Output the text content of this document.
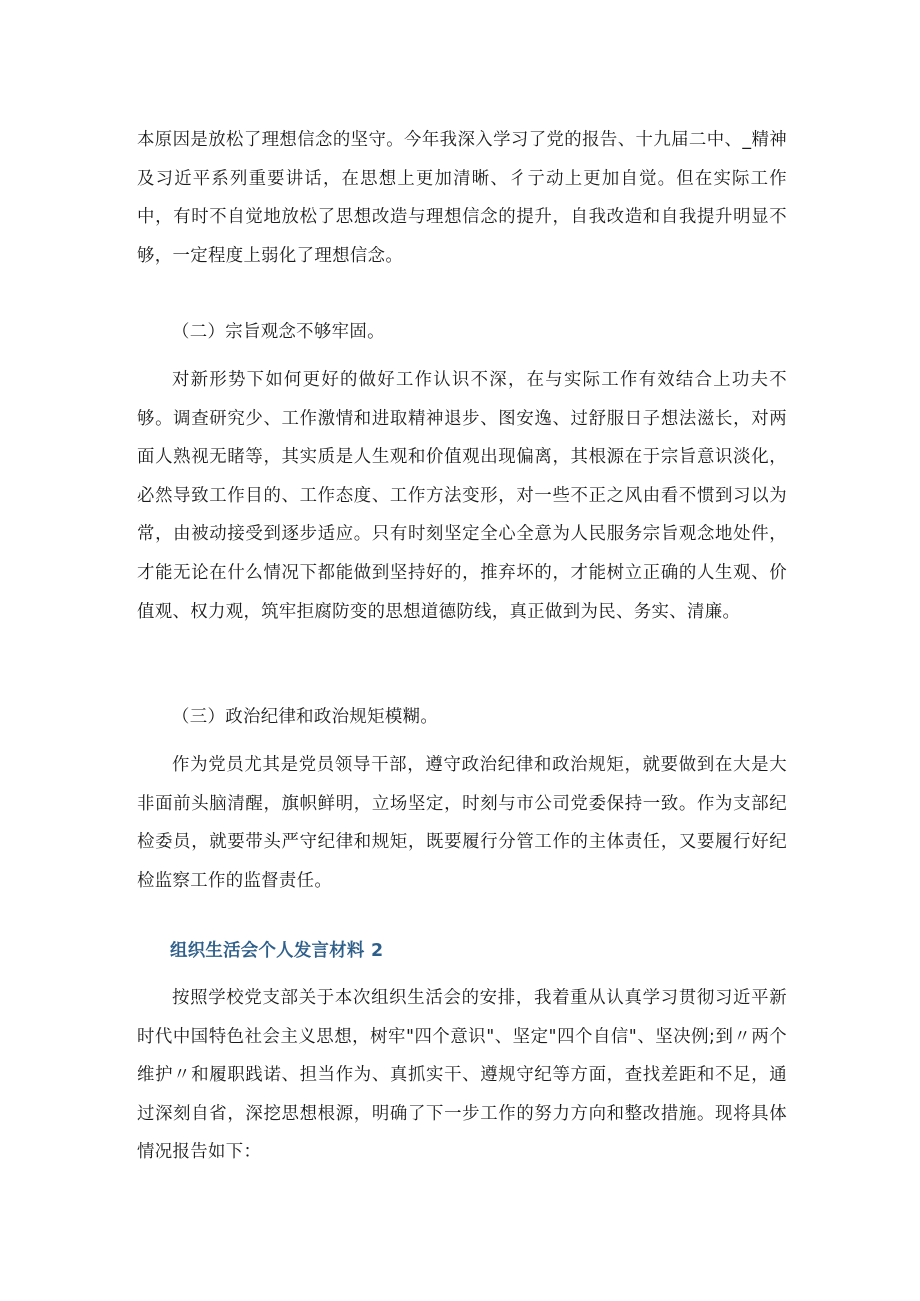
本原因是放松了理想信念的坚守。今年我深入学习了党的报告、十九届二中、_精神及习近平系列重要讲话，在思想上更加清晰、彳亍动上更加自觉。但在实际工作中，有时不自觉地放松了思想改造与理想信念的提升，自我改造和自我提升明显不够，一定程度上弱化了理想信念。

（二）宗旨观念不够牢固。

对新形势下如何更好的做好工作认识不深，在与实际工作有效结合上功夫不够。调查研究少、工作激情和进取精神退步、图安逸、过舒服日子想法滋长，对两面人熟视无睹等，其实质是人生观和价值观出现偏离，其根源在于宗旨意识淡化，必然导致工作目的、工作态度、工作方法变形，对一些不正之风由看不惯到习以为常，由被动接受到逐步适应。只有时刻坚定全心全意为人民服务宗旨观念地处件，才能无论在什么情况下都能做到坚持好的，推弃坏的，才能树立正确的人生观、价值观、权力观，筑牢拒腐防变的思想道德防线，真正做到为民、务实、清廉。

（三）政治纪律和政治规矩模糊。

作为党员尤其是党员领导干部，遵守政治纪律和政治规矩，就要做到在大是大非面前头脑清醒，旗帜鲜明，立场坚定，时刻与市公司党委保持一致。作为支部纪检委员，就要带头严守纪律和规矩，既要履行分管工作的主体责任，又要履行好纪检监察工作的监督责任。

组织生活会个人发言材料 2

按照学校党支部关于本次组织生活会的安排，我着重从认真学习贯彻习近平新时代中国特色社会主义思想，树牢"四个意识"、坚定"四个自信"、坚决例;到〃两个维护〃和履职践诺、担当作为、真抓实干、遵规守纪等方面，查找差距和不足，通过深刻自省，深挖思想根源，明确了下一步工作的努力方向和整改措施。现将具体情况报告如下：
